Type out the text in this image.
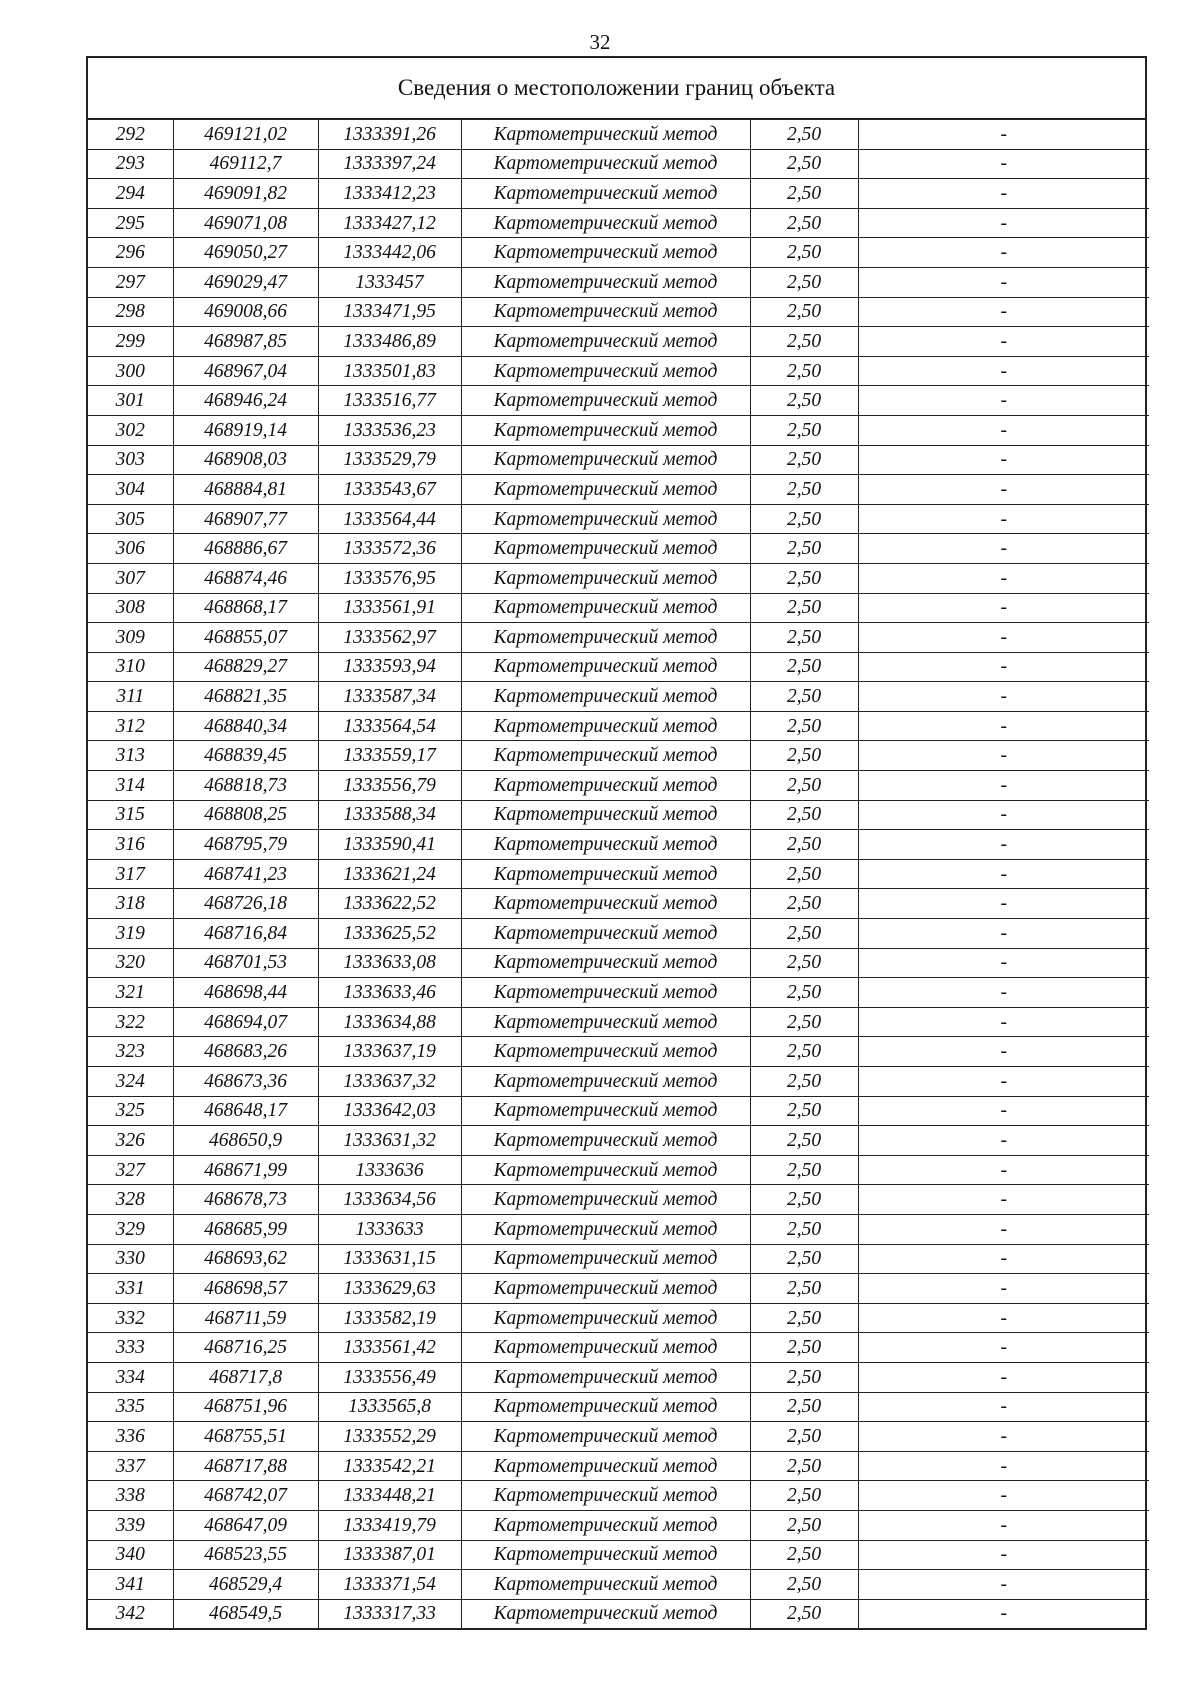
32
Сведения о местоположении границ объекта
292	469121,02	1333391,26	Картометрический метод	2,50	-
293	469112,7	1333397,24	Картометрический метод	2,50	-
294	469091,82	1333412,23	Картометрический метод	2,50	-
295	469071,08	1333427,12	Картометрический метод	2,50	-
296	469050,27	1333442,06	Картометрический метод	2,50	-
297	469029,47	1333457	Картометрический метод	2,50	-
298	469008,66	1333471,95	Картометрический метод	2,50	-
299	468987,85	1333486,89	Картометрический метод	2,50	-
300	468967,04	1333501,83	Картометрический метод	2,50	-
301	468946,24	1333516,77	Картометрический метод	2,50	-
302	468919,14	1333536,23	Картометрический метод	2,50	-
303	468908,03	1333529,79	Картометрический метод	2,50	-
304	468884,81	1333543,67	Картометрический метод	2,50	-
305	468907,77	1333564,44	Картометрический метод	2,50	-
306	468886,67	1333572,36	Картометрический метод	2,50	-
307	468874,46	1333576,95	Картометрический метод	2,50	-
308	468868,17	1333561,91	Картометрический метод	2,50	-
309	468855,07	1333562,97	Картометрический метод	2,50	-
310	468829,27	1333593,94	Картометрический метод	2,50	-
311	468821,35	1333587,34	Картометрический метод	2,50	-
312	468840,34	1333564,54	Картометрический метод	2,50	-
313	468839,45	1333559,17	Картометрический метод	2,50	-
314	468818,73	1333556,79	Картометрический метод	2,50	-
315	468808,25	1333588,34	Картометрический метод	2,50	-
316	468795,79	1333590,41	Картометрический метод	2,50	-
317	468741,23	1333621,24	Картометрический метод	2,50	-
318	468726,18	1333622,52	Картометрический метод	2,50	-
319	468716,84	1333625,52	Картометрический метод	2,50	-
320	468701,53	1333633,08	Картометрический метод	2,50	-
321	468698,44	1333633,46	Картометрический метод	2,50	-
322	468694,07	1333634,88	Картометрический метод	2,50	-
323	468683,26	1333637,19	Картометрический метод	2,50	-
324	468673,36	1333637,32	Картометрический метод	2,50	-
325	468648,17	1333642,03	Картометрический метод	2,50	-
326	468650,9	1333631,32	Картометрический метод	2,50	-
327	468671,99	1333636	Картометрический метод	2,50	-
328	468678,73	1333634,56	Картометрический метод	2,50	-
329	468685,99	1333633	Картометрический метод	2,50	-
330	468693,62	1333631,15	Картометрический метод	2,50	-
331	468698,57	1333629,63	Картометрический метод	2,50	-
332	468711,59	1333582,19	Картометрический метод	2,50	-
333	468716,25	1333561,42	Картометрический метод	2,50	-
334	468717,8	1333556,49	Картометрический метод	2,50	-
335	468751,96	1333565,8	Картометрический метод	2,50	-
336	468755,51	1333552,29	Картометрический метод	2,50	-
337	468717,88	1333542,21	Картометрический метод	2,50	-
338	468742,07	1333448,21	Картометрический метод	2,50	-
339	468647,09	1333419,79	Картометрический метод	2,50	-
340	468523,55	1333387,01	Картометрический метод	2,50	-
341	468529,4	1333371,54	Картометрический метод	2,50	-
342	468549,5	1333317,33	Картометрический метод	2,50	-
